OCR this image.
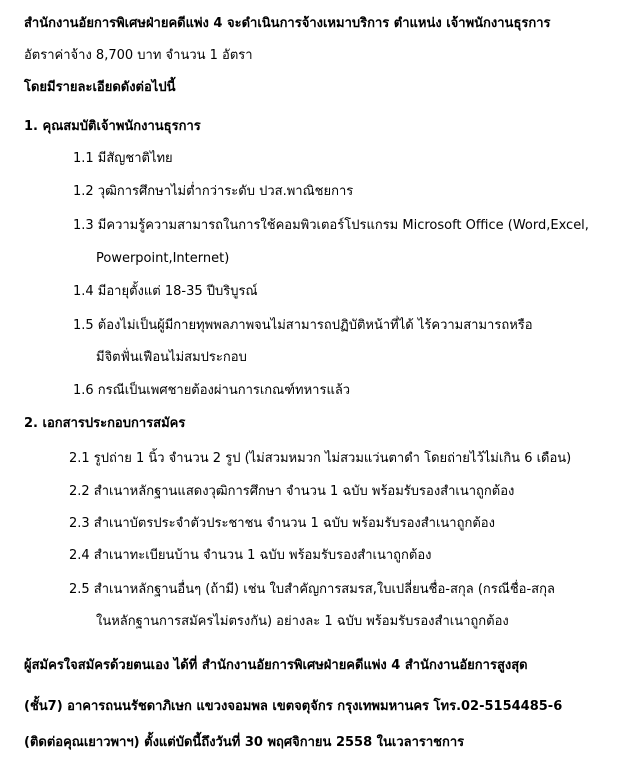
สำนักงานอัยการพิเศษฝ่ายคดีแพ่ง 4 จะดำเนินการจ้างเหมาบริการ ตำแหน่ง เจ้าพนักงานธุรการ
อัตราค่าจ้าง 8,700 บาท จำนวน 1 อัตรา
โดยมีรายละเอียดดังต่อไปนี้
1. คุณสมบัติเจ้าพนักงานธุรการ
1.1 มีสัญชาติไทย
1.2 วุฒิการศึกษาไม่ต่ำกว่าระดับ ปวส.พาณิชยการ
1.3 มีความรู้ความสามารถในการใช้คอมพิวเตอร์โปรแกรม Microsoft Office (Word,Excel,
Powerpoint,Internet)
1.4 มีอายุตั้งแต่ 18-35 ปีบริบูรณ์
1.5 ต้องไม่เป็นผู้มีกายทุพพลภาพจนไม่สามารถปฏิบัติหน้าที่ได้ ไร้ความสามารถหรือ
มีจิตฟั่นเฟือนไม่สมประกอบ
1.6 กรณีเป็นเพศชายต้องผ่านการเกณฑ์ทหารแล้ว
2. เอกสารประกอบการสมัคร
2.1 รูปถ่าย 1 นิ้ว จำนวน 2 รูป (ไม่สวมหมวก ไม่สวมแว่นตาดำ โดยถ่ายไว้ไม่เกิน 6 เดือน)
2.2 สำเนาหลักฐานแสดงวุฒิการศึกษา จำนวน 1 ฉบับ พร้อมรับรองสำเนาถูกต้อง
2.3 สำเนาบัตรประจำตัวประชาชน จำนวน 1 ฉบับ พร้อมรับรองสำเนาถูกต้อง
2.4 สำเนาทะเบียนบ้าน จำนวน 1 ฉบับ พร้อมรับรองสำเนาถูกต้อง
2.5 สำเนาหลักฐานอื่นๆ (ถ้ามี) เช่น ใบสำคัญการสมรส,ใบเปลี่ยนชื่อ-สกุล (กรณีชื่อ-สกุล
ในหลักฐานการสมัครไม่ตรงกัน) อย่างละ 1 ฉบับ พร้อมรับรองสำเนาถูกต้อง
ผู้สมัครใจสมัครด้วยตนเอง ได้ที่ สำนักงานอัยการพิเศษฝ่ายคดีแพ่ง 4 สำนักงานอัยการสูงสุด
(ชั้น7) อาคารถนนรัชดาภิเษก แขวงจอมพล เขตจตุจักร กรุงเทพมหานคร โทร.02-5154485-6
(ติดต่อคุณเยาวพาฯ) ตั้งแต่บัดนี้ถึงวันที่ 30 พฤศจิกายน 2558 ในเวลาราชการ
